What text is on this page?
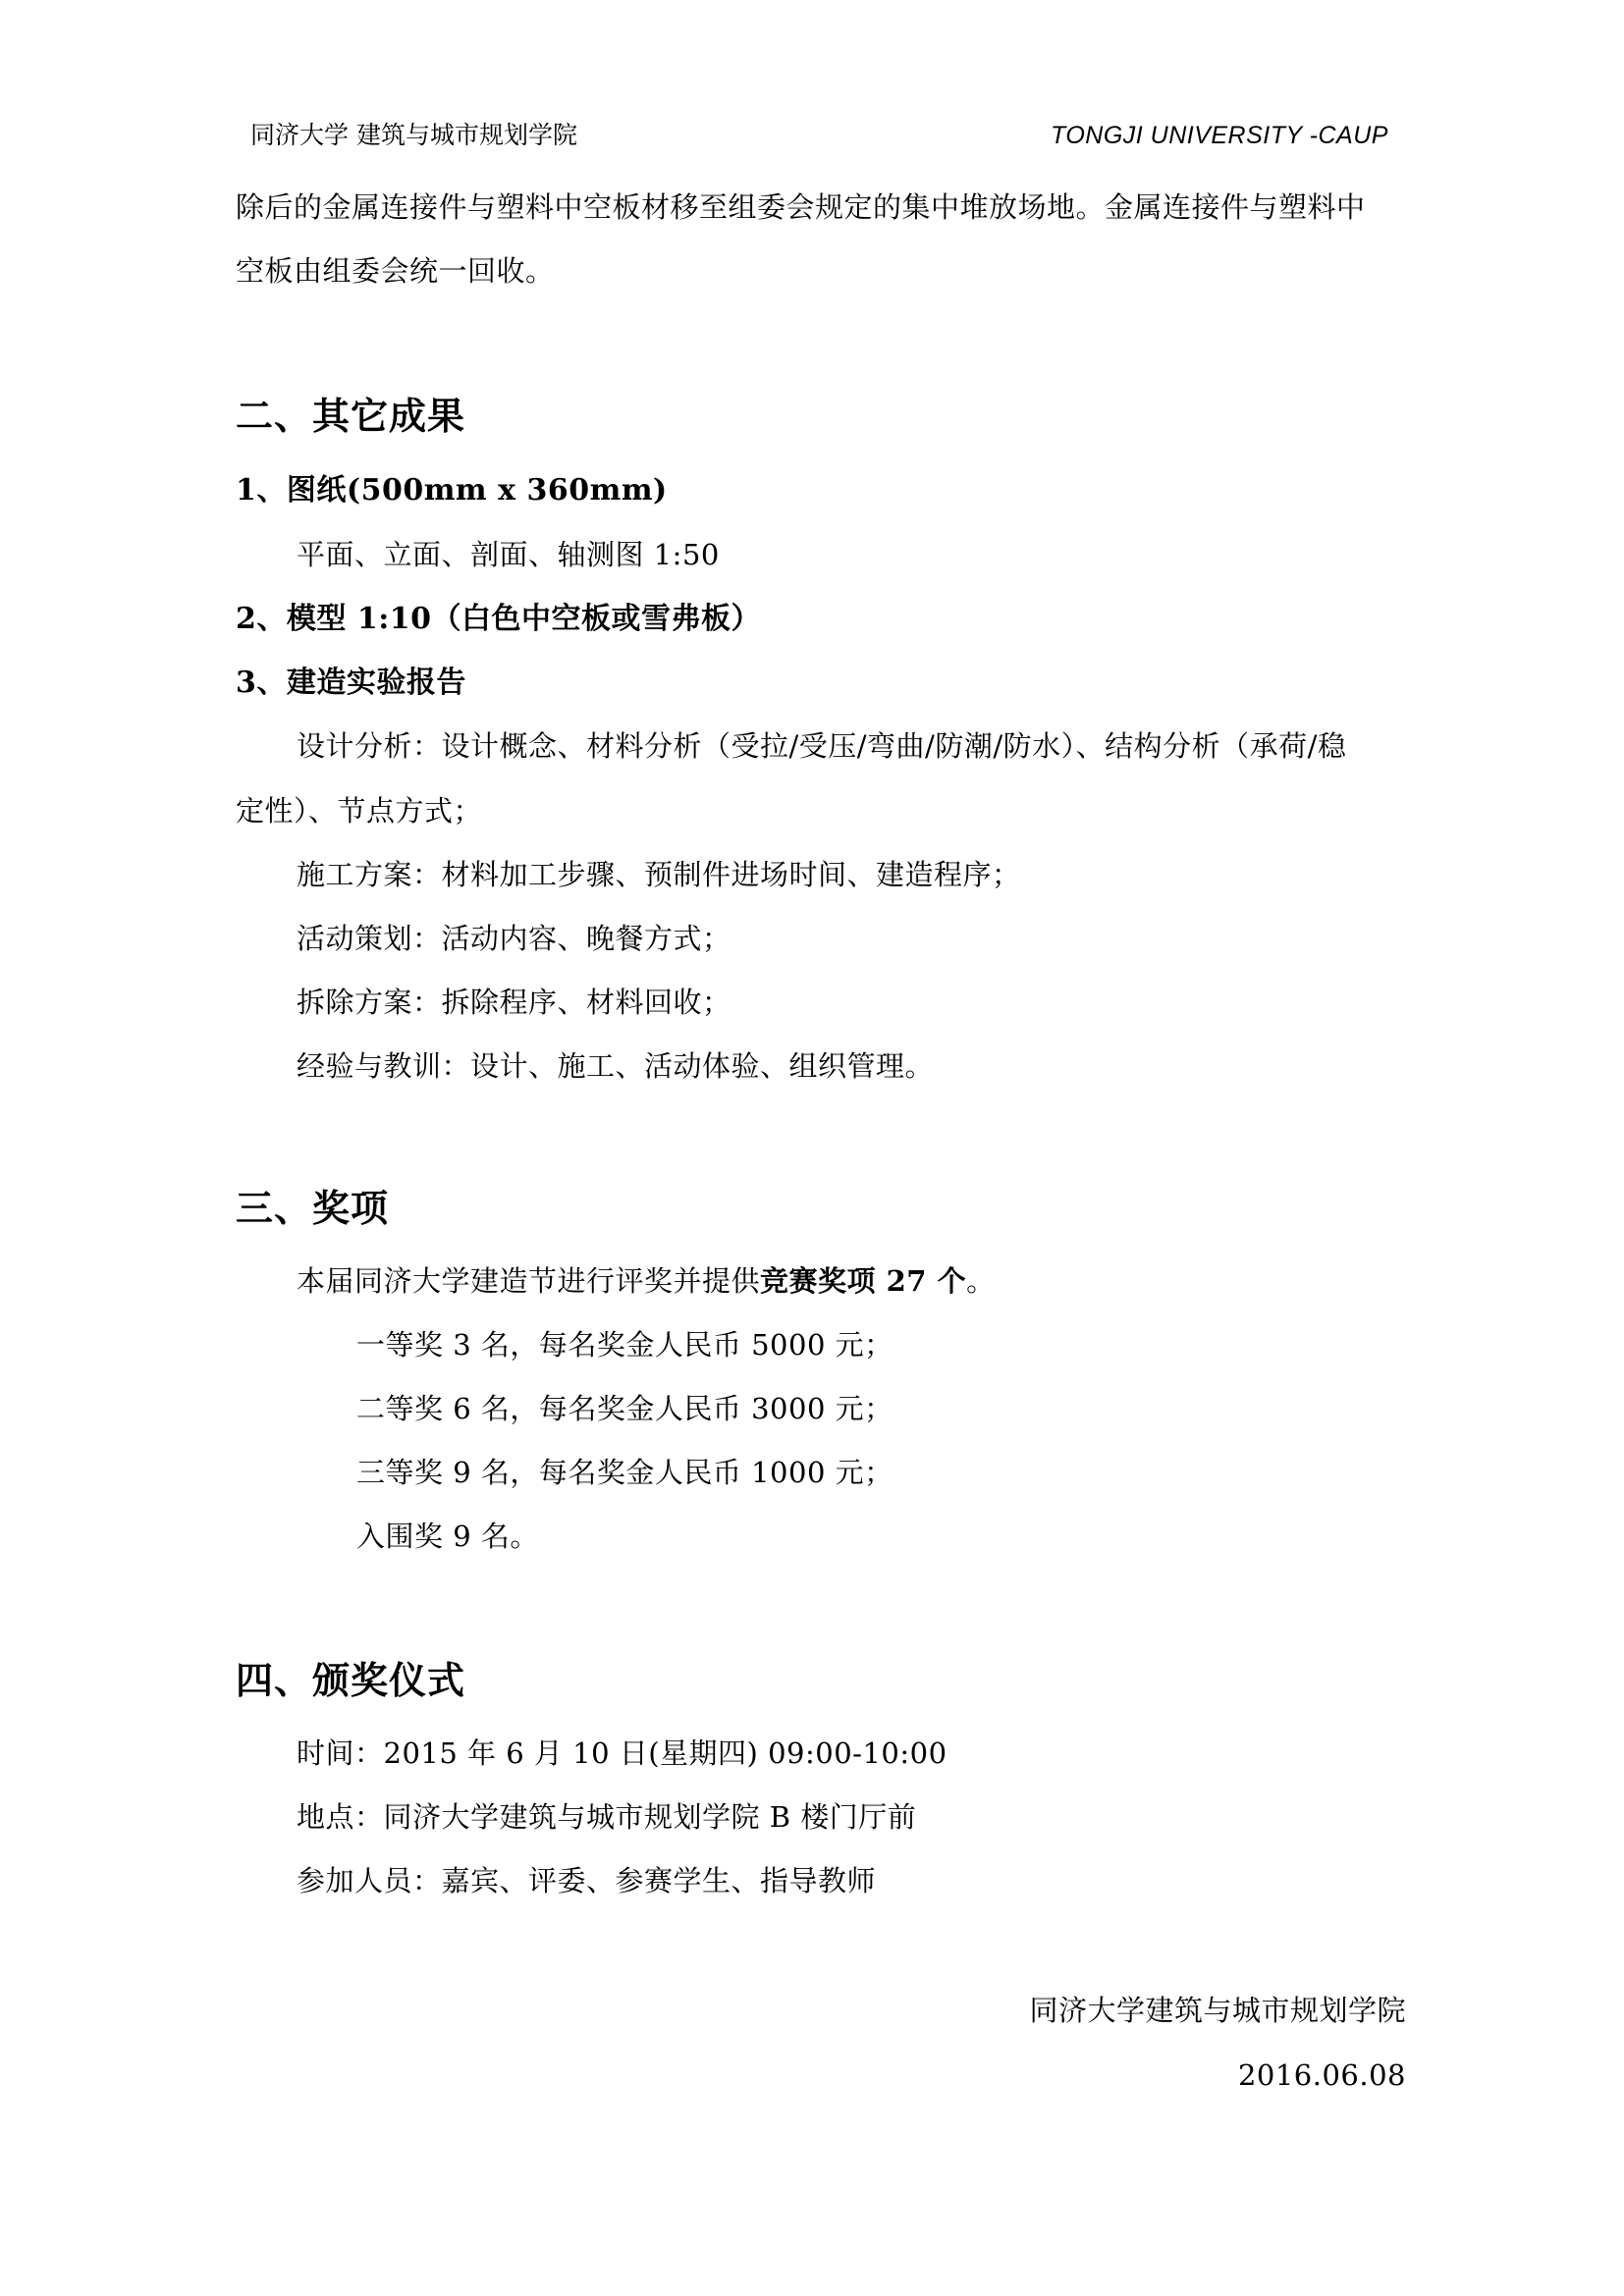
同济大学 建筑与城市规划学院	TONGJI UNIVERSITY -CAUP
除后的金属连接件与塑料中空板材移至组委会规定的集中堆放场地。金属连接件与塑料中
空板由组委会统一回收。
二、其它成果
1、图纸(500mm x 360mm)
平面、立面、剖面、轴测图 1:50
2、模型 1:10（白色中空板或雪弗板）
3、建造实验报告
设计分析：设计概念、材料分析（受拉/受压/弯曲/防潮/防水）、结构分析（承荷/稳
定性）、节点方式；
施工方案：材料加工步骤、预制件进场时间、建造程序；
活动策划：活动内容、晚餐方式；
拆除方案：拆除程序、材料回收；
经验与教训：设计、施工、活动体验、组织管理。
三、奖项
本届同济大学建造节进行评奖并提供竞赛奖项 27 个。
一等奖 3 名，每名奖金人民币 5000 元；
二等奖 6 名，每名奖金人民币 3000 元；
三等奖 9 名，每名奖金人民币 1000 元；
入围奖 9 名。
四、颁奖仪式
时间：2015 年 6 月 10 日(星期四) 09:00-10:00
地点：同济大学建筑与城市规划学院 B 楼门厅前
参加人员：嘉宾、评委、参赛学生、指导教师
同济大学建筑与城市规划学院
2016.06.08
